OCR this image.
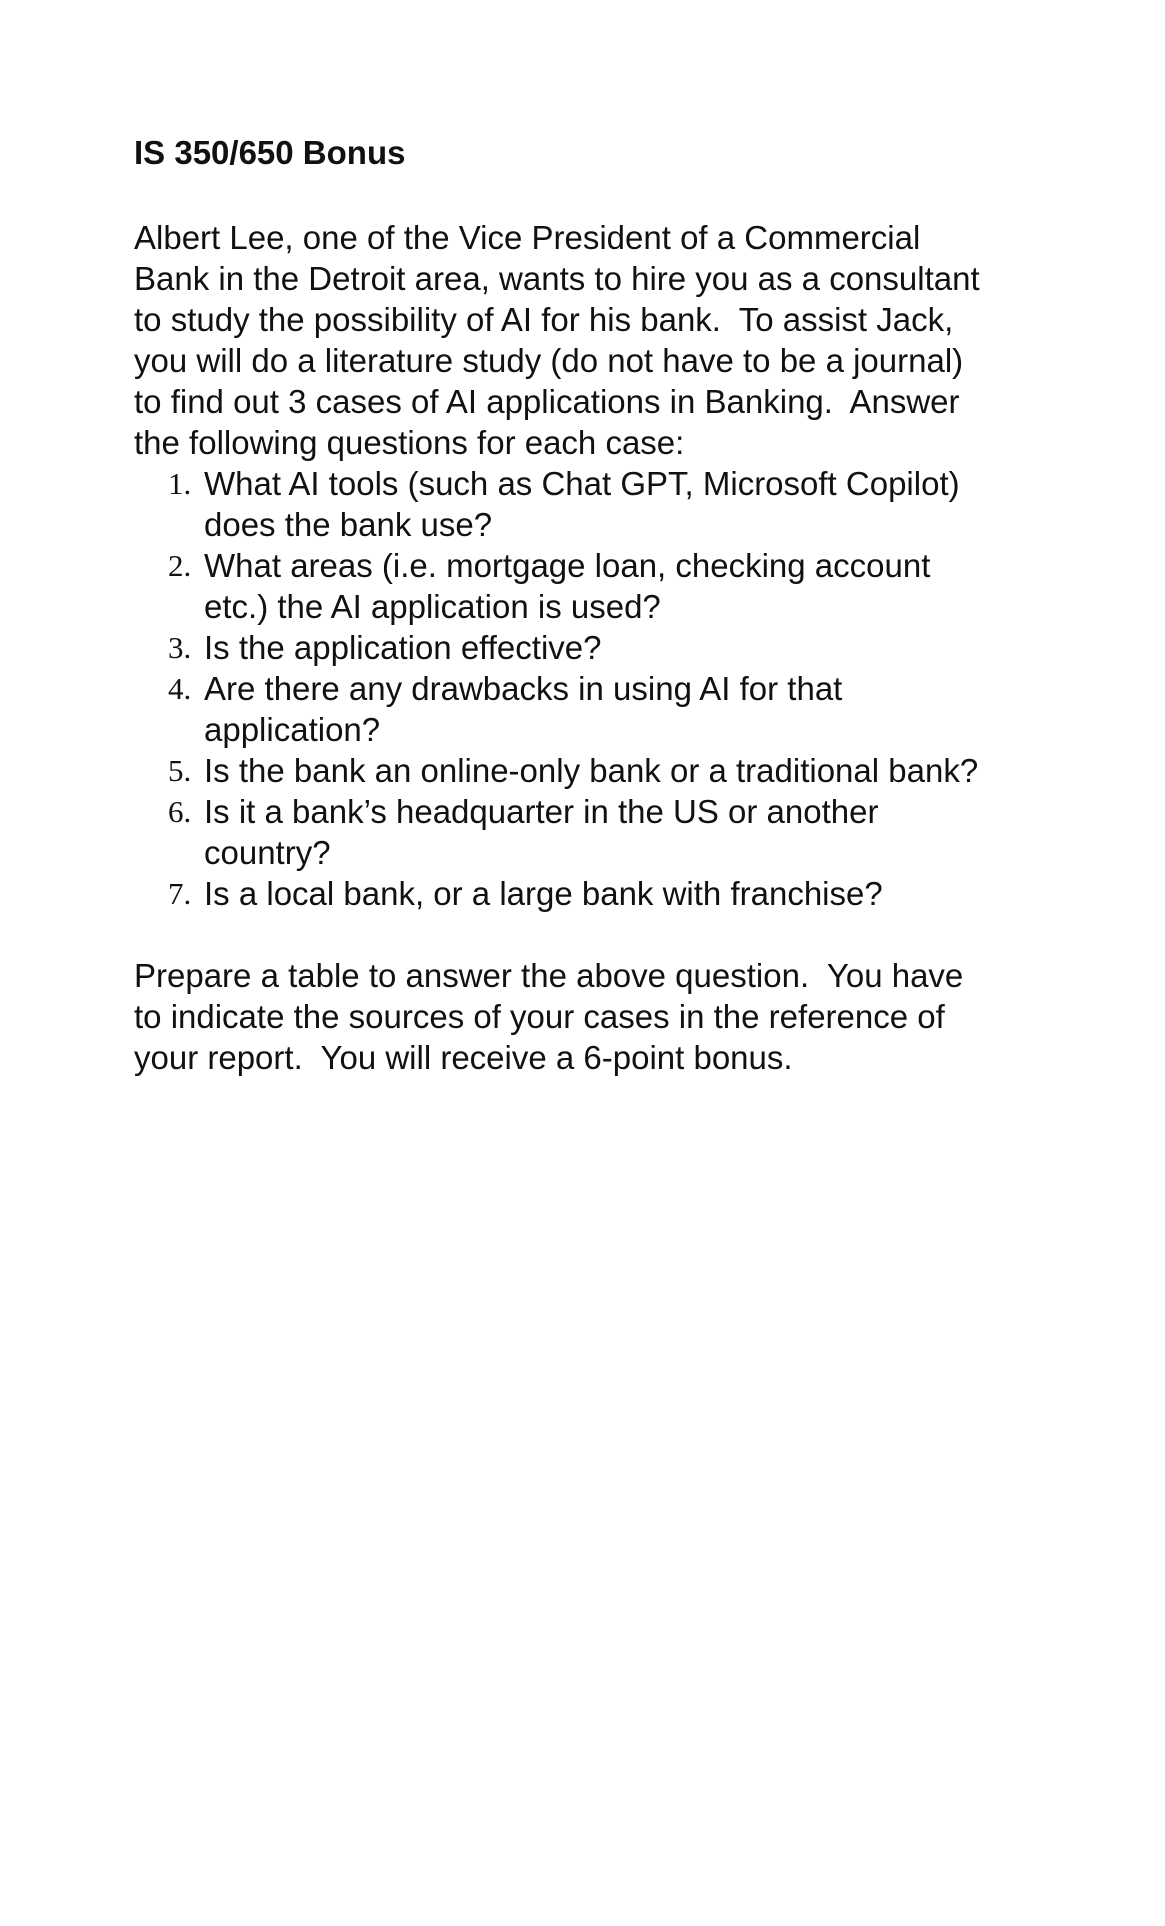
IS 350/650 Bonus

Albert Lee, one of the Vice President of a Commercial
Bank in the Detroit area, wants to hire you as a consultant
to study the possibility of AI for his bank.  To assist Jack,
you will do a literature study (do not have to be a journal)
to find out 3 cases of AI applications in Banking.  Answer
the following questions for each case:

1. What AI tools (such as Chat GPT, Microsoft Copilot)
does the bank use?
2. What areas (i.e. mortgage loan, checking account
etc.) the AI application is used?
3. Is the application effective?
4. Are there any drawbacks in using AI for that
application?
5. Is the bank an online-only bank or a traditional bank?
6. Is it a bank’s headquarter in the US or another
country?
7. Is a local bank, or a large bank with franchise?

Prepare a table to answer the above question.  You have
to indicate the sources of your cases in the reference of
your report.  You will receive a 6-point bonus.
